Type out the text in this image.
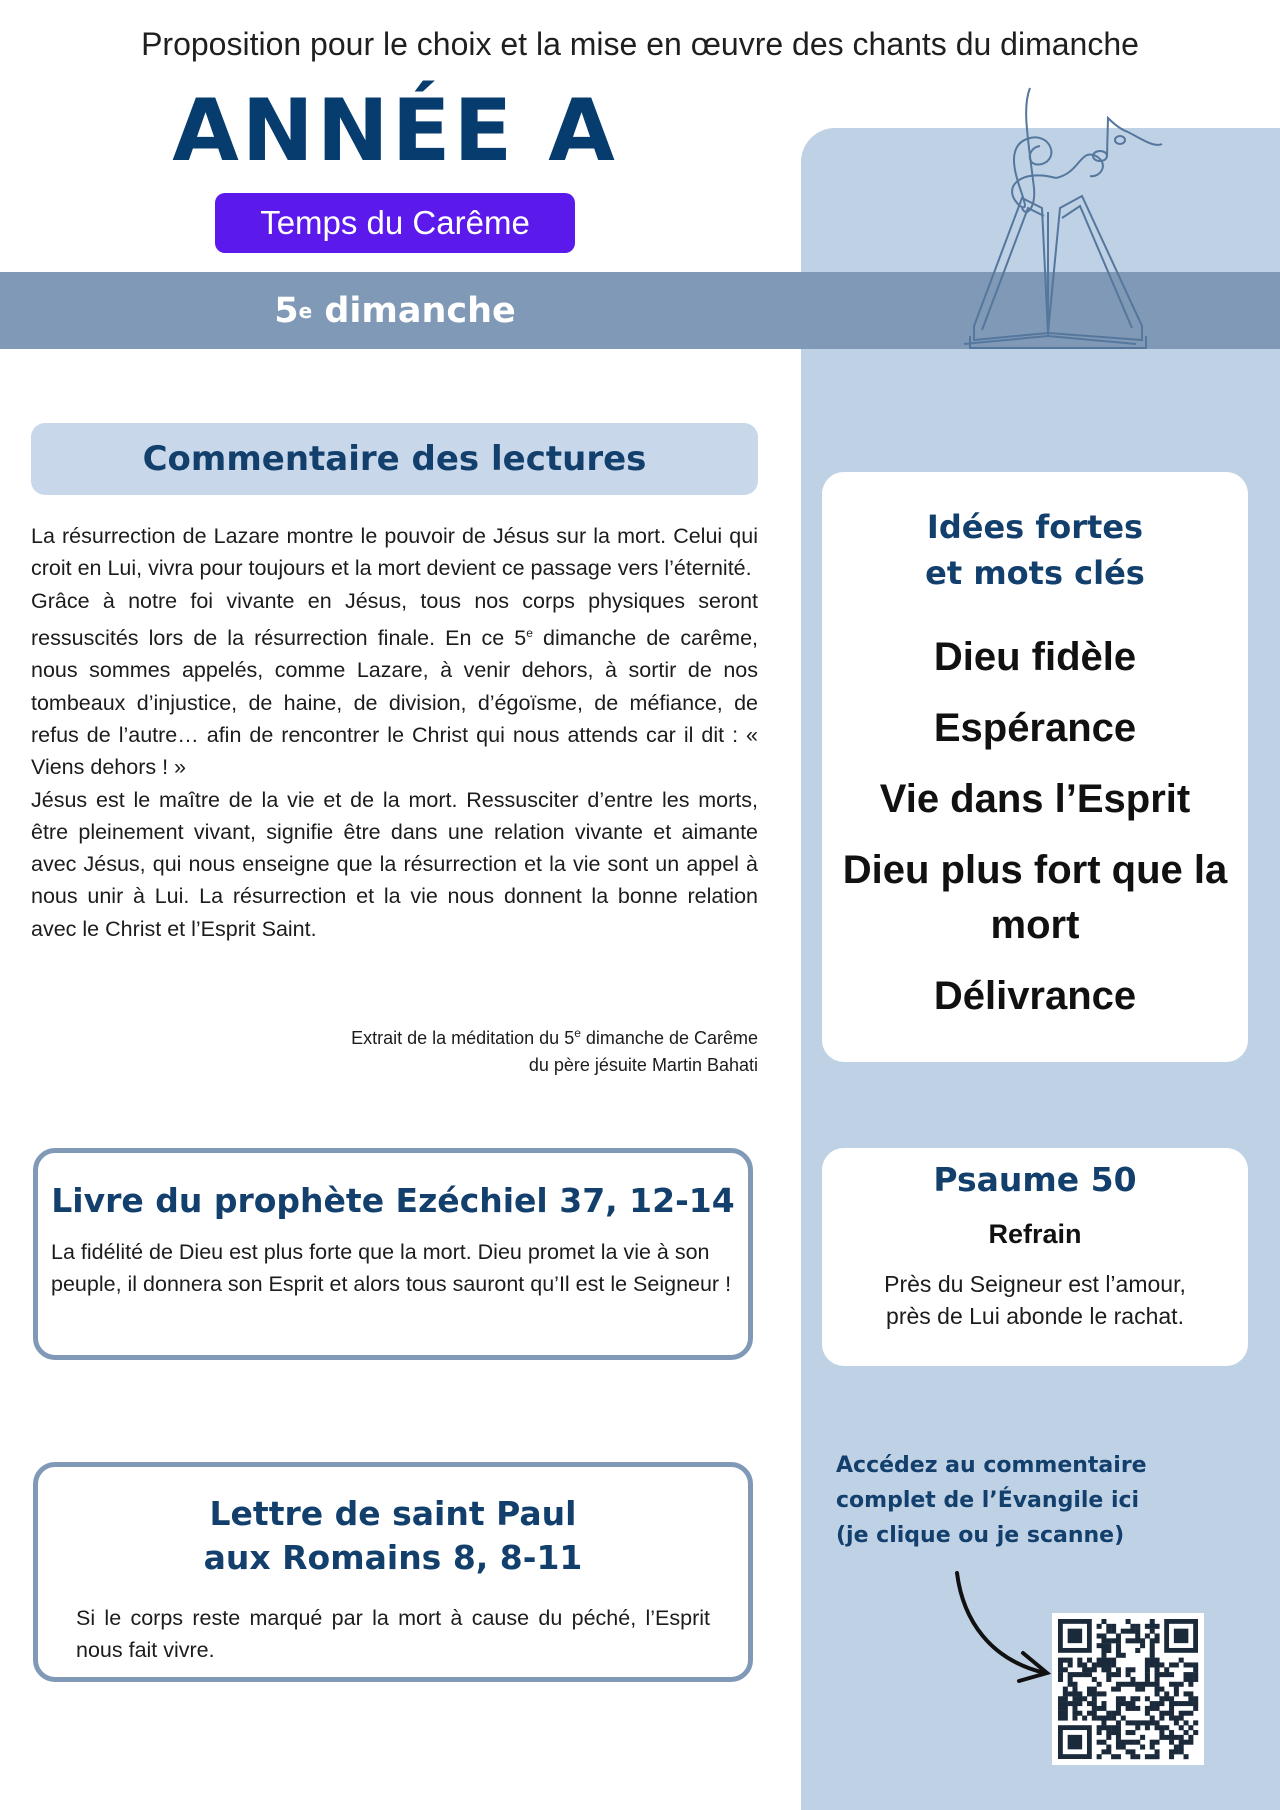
Proposition pour le choix et la mise en œuvre des chants du dimanche
ANNÉE A
Temps du Carême
5 e dimanche
Commentaire des lectures

La résurrection de Lazare montre le pouvoir de Jésus sur la mort. Celui qui croit en Lui, vivra pour toujours et la mort devient ce passage vers l’éternité.

Grâce à notre foi vivante en Jésus, tous nos corps physiques seront ressuscités lors de la résurrection finale. En ce 5e dimanche de carême, nous sommes appelés, comme Lazare, à venir dehors, à sortir de nos tombeaux d’injustice, de haine, de division, d’égoïsme, de méfiance, de refus de l’autre… afin de rencontrer le Christ qui nous attends car il dit : « Viens dehors ! »

Jésus est le maître de la vie et de la mort. Ressusciter d’entre les morts, être pleinement vivant, signifie être dans une relation vivante et aimante avec Jésus, qui nous enseigne que la résurrection et la vie sont un appel à nous unir à Lui. La résurrection et la vie nous donnent la bonne relation avec le Christ et l’Esprit Saint.

Extrait de la méditation du 5e dimanche de Carême
du père jésuite Martin Bahati
Livre du prophète Ezéchiel 37, 12-14
La fidélité de Dieu est plus forte que la mort. Dieu promet la vie à son peuple, il donnera son Esprit et alors tous sauront qu’Il est le Seigneur !
Lettre de saint Paul
aux Romains 8, 8-11
Si le corps reste marqué par la mort à cause du péché, l’Esprit nous fait vivre.
Idées fortes
et mots clés
Dieu fidèle
Espérance
Vie dans l’Esprit
Dieu plus fort que la mort
Délivrance
Psaume 50
Refrain
Près du Seigneur est l’amour,
près de Lui abonde le rachat.
Accédez au commentaire
complet de l’Évangile ici
(je clique ou je scanne)
